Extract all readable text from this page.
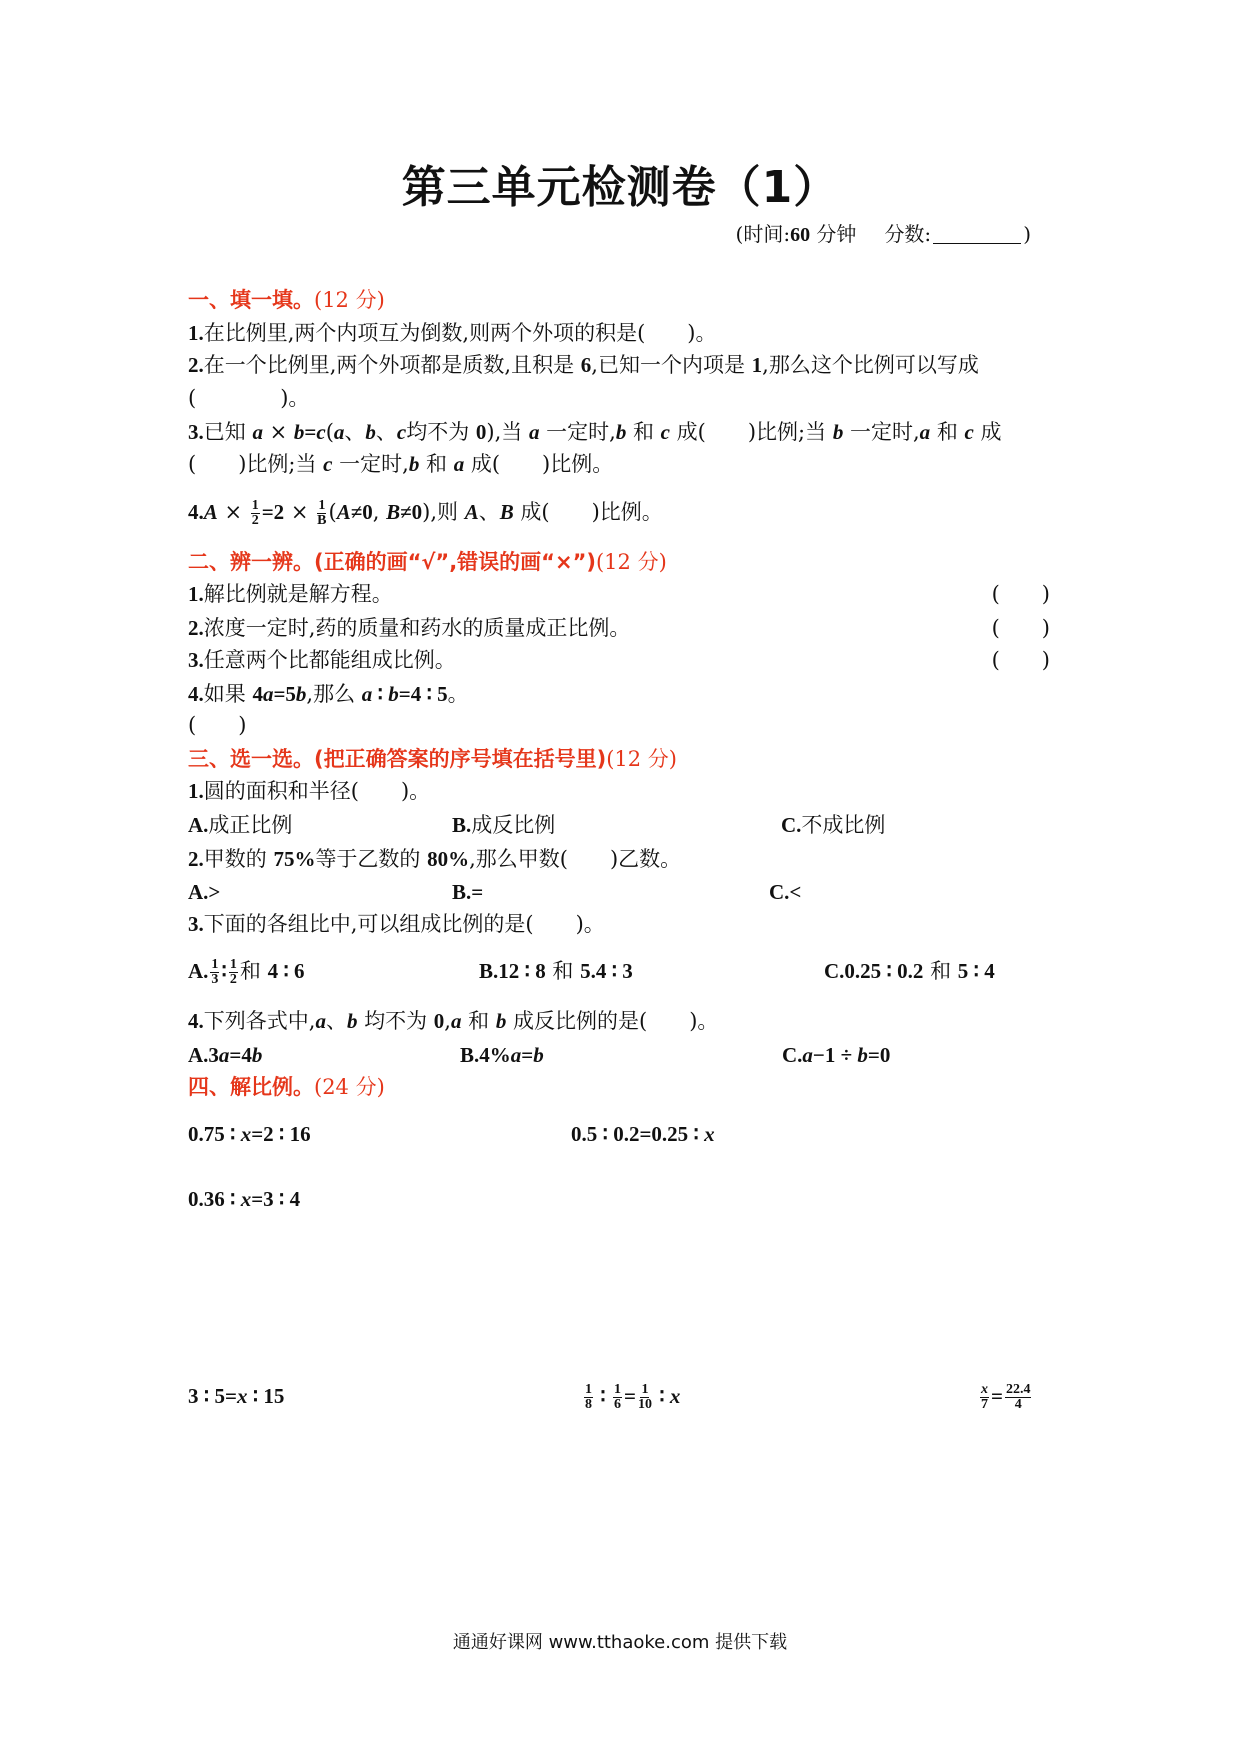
第三单元检测卷（1）
(时间:60 分钟 分数:	)
一、填一填。(12 分)
1.在比例里,两个内项互为倒数,则两个外项的积是(　　)。
2.在一个比例里,两个外项都是质数,且积是 6,已知一个内项是 1,那么这个比例可以写成
(　　　　)。
3.已知 a × b=c(a、b、c均不为 0),当 a 一定时,b 和 c 成(　　)比例;当 b 一定时,a 和 c 成
(　　)比例;当 c 一定时,b 和 a 成(　　)比例。
$4.A \times \frac{1}{2} =2 \times \frac{1}{B} (A\ne 0$, B≠0),则 A、B 成(　　)比例。
二、辨一辨。(正确的画“√”,错误的画“×”)(12 分)
1.解比例就是解方程。	(　　)
2.浓度一定时,药的质量和药水的质量成正比例。	(　　)
3.任意两个比都能组成比例。	(　　)
4.如果 4a=5b,那么 a ∶ b=4 ∶ 5。
(　　)
三、选一选。(把正确答案的序号填在括号里)(12 分)
1.圆的面积和半径(　　)。
A.成正比例	B.成反比例	C.不成比例
2.甲数的 75%等于乙数的 80%,那么甲数(　　)乙数。
A.>	B.=	C.<
3.下面的各组比中,可以组成比例的是(　　)。
A. $\frac{1}{3}$ ∶ $\frac{1}{2}$ 和 4 ∶ 6	B.12 ∶ 8 和 5.4 ∶ 3	C.0.25 ∶ 0.2 和 5 ∶ 4
4.下列各式中,a、b 均不为 0,a 和 b 成反比例的是(　　)。
A.3a=4b	B.4%a=b	C.a−1 ÷ b=0
四、解比例。(24 分)
0.75 ∶ x=2 ∶ 16	0.5 ∶ 0.2=0.25 ∶ x
0.36 ∶ x=3 ∶ 4
3 ∶ 5=x ∶ 15	$\frac{1}{8}$ ∶ $\frac{1}{6} = \frac{1}{10}$ ∶ x	$\frac{x}{7} = \frac{22.4}{4}$
通通好课网 www.tthaoke.com 提供下载
